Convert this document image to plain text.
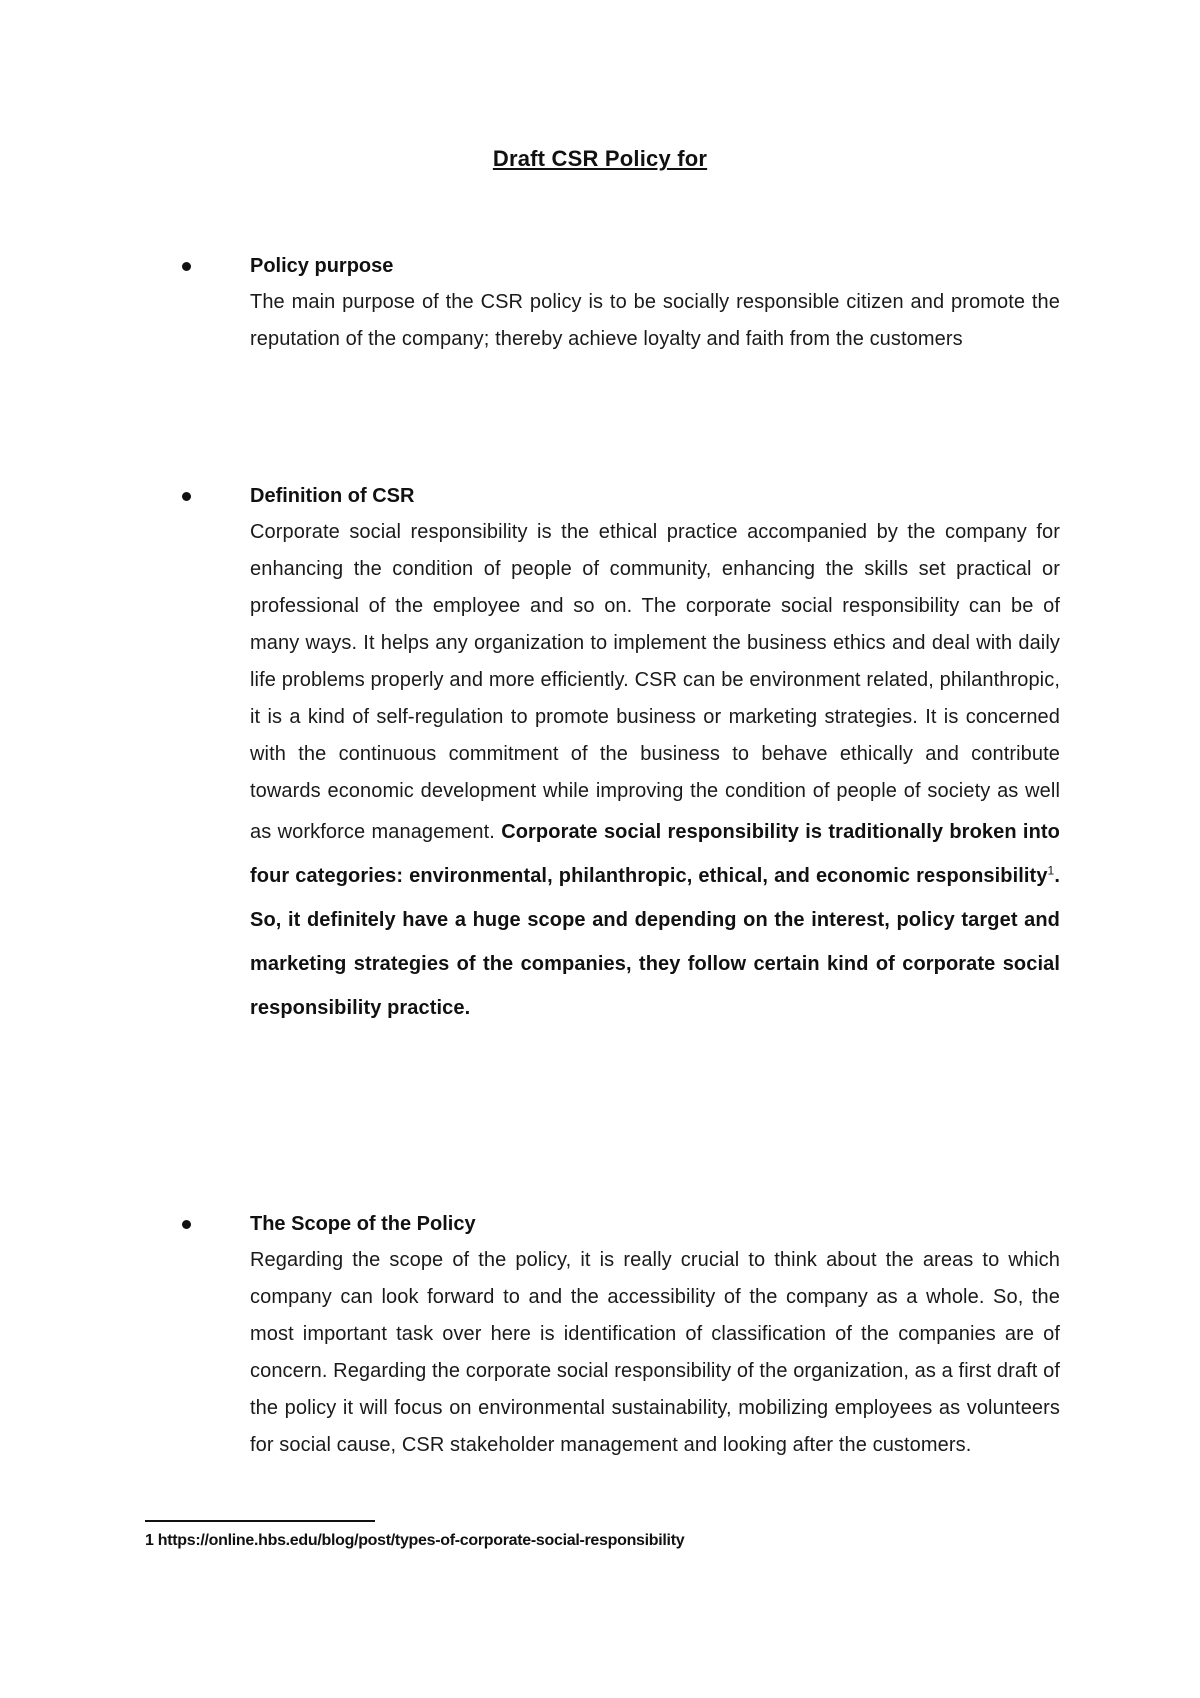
Draft CSR Policy for
Policy purpose
The main purpose of the CSR policy is to be socially responsible citizen and promote the reputation of the company; thereby achieve loyalty and faith from the customers
Definition of CSR
Corporate social responsibility is the ethical practice accompanied by the company for enhancing the condition of people of community, enhancing the skills set practical or professional of the employee and so on. The corporate social responsibility can be of many ways. It helps any organization to implement the business ethics and deal with daily life problems properly and more efficiently. CSR can be environment related, philanthropic, it is a kind of self-regulation to promote business or marketing strategies. It is concerned with the continuous commitment of the business to behave ethically and contribute towards economic development while improving the condition of people of society as well as workforce management. Corporate social responsibility is traditionally broken into four categories: environmental, philanthropic, ethical, and economic responsibility$^1$. So, it definitely have a huge scope and depending on the interest, policy target and marketing strategies of the companies, they follow certain kind of corporate social responsibility practice.
The Scope of the Policy
Regarding the scope of the policy, it is really crucial to think about the areas to which company can look forward to and the accessibility of the company as a whole. So, the most important task over here is identification of classification of the companies are of concern. Regarding the corporate social responsibility of the organization, as a first draft of the policy it will focus on environmental sustainability, mobilizing employees as volunteers for social cause, CSR stakeholder management and looking after the customers.
1 https://online.hbs.edu/blog/post/types-of-corporate-social-responsibility
